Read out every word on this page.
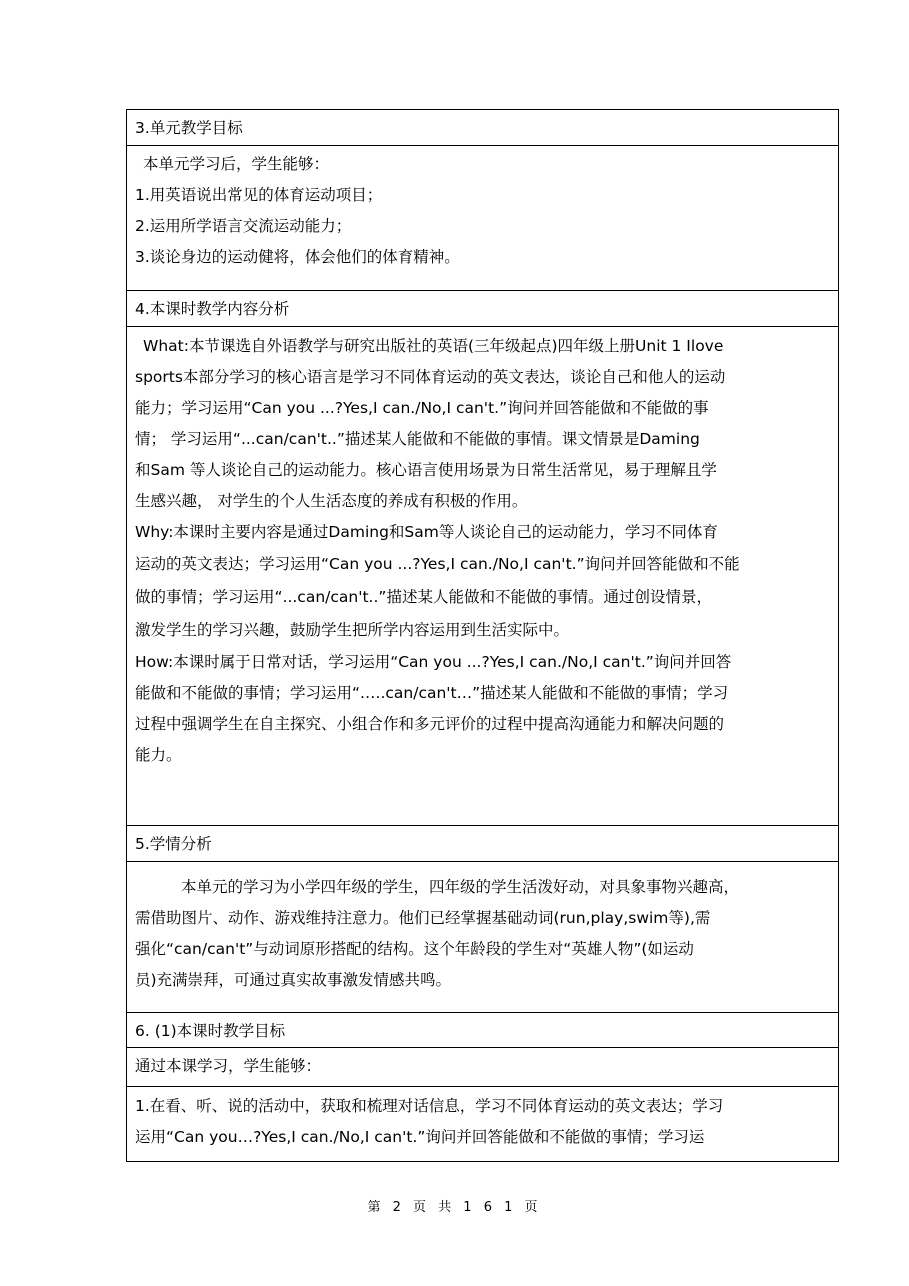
3.单元教学目标

本单元学习后，学生能够：
1.用英语说出常见的体育运动项目；
2.运用所学语言交流运动能力；
3.谈论身边的运动健将，体会他们的体育精神。

4.本课时教学内容分析

What:本节课选自外语教学与研究出版社的英语(三年级起点)四年级上册Unit 1 Ilove
sports本部分学习的核心语言是学习不同体育运动的英文表达，谈论自己和他人的运动
能力；学习运用“Can you ...?Yes,I can./No,I can't.”询问并回答能做和不能做的事
情； 学习运用“...can/can't..”描述某人能做和不能做的事情。课文情景是Daming
和Sam 等人谈论自己的运动能力。核心语言使用场景为日常生活常见，易于理解且学
生感兴趣， 对学生的个人生活态度的养成有积极的作用。
Why:本课时主要内容是通过Daming和Sam等人谈论自己的运动能力，学习不同体育
运动的英文表达；学习运用“Can you ...?Yes,I can./No,I can't.”询问并回答能做和不能
做的事情；学习运用“...can/can't..”描述某人能做和不能做的事情。通过创设情景，
激发学生的学习兴趣，鼓励学生把所学内容运用到生活实际中。
How:本课时属于日常对话，学习运用“Can you ...?Yes,I can./No,I can't.”询问并回答
能做和不能做的事情；学习运用“.….can/can't…”描述某人能做和不能做的事情；学习
过程中强调学生在自主探究、小组合作和多元评价的过程中提高沟通能力和解决问题的
能力。

5.学情分析

本单元的学习为小学四年级的学生，四年级的学生活泼好动，对具象事物兴趣高，
需借助图片、动作、游戏维持注意力。他们已经掌握基础动词(run,play,swim等),需
强化“can/can't”与动词原形搭配的结构。这个年龄段的学生对“英雄人物”(如运动
员)充满崇拜，可通过真实故事激发情感共鸣。

6. (1)本课时教学目标

通过本课学习，学生能够：

1.在看、听、说的活动中，获取和梳理对话信息，学习不同体育运动的英文表达；学习
运用“Can you…?Yes,I can./No,I can't.”询问并回答能做和不能做的事情；学习运
第 2 页 共 1 6 1 页
